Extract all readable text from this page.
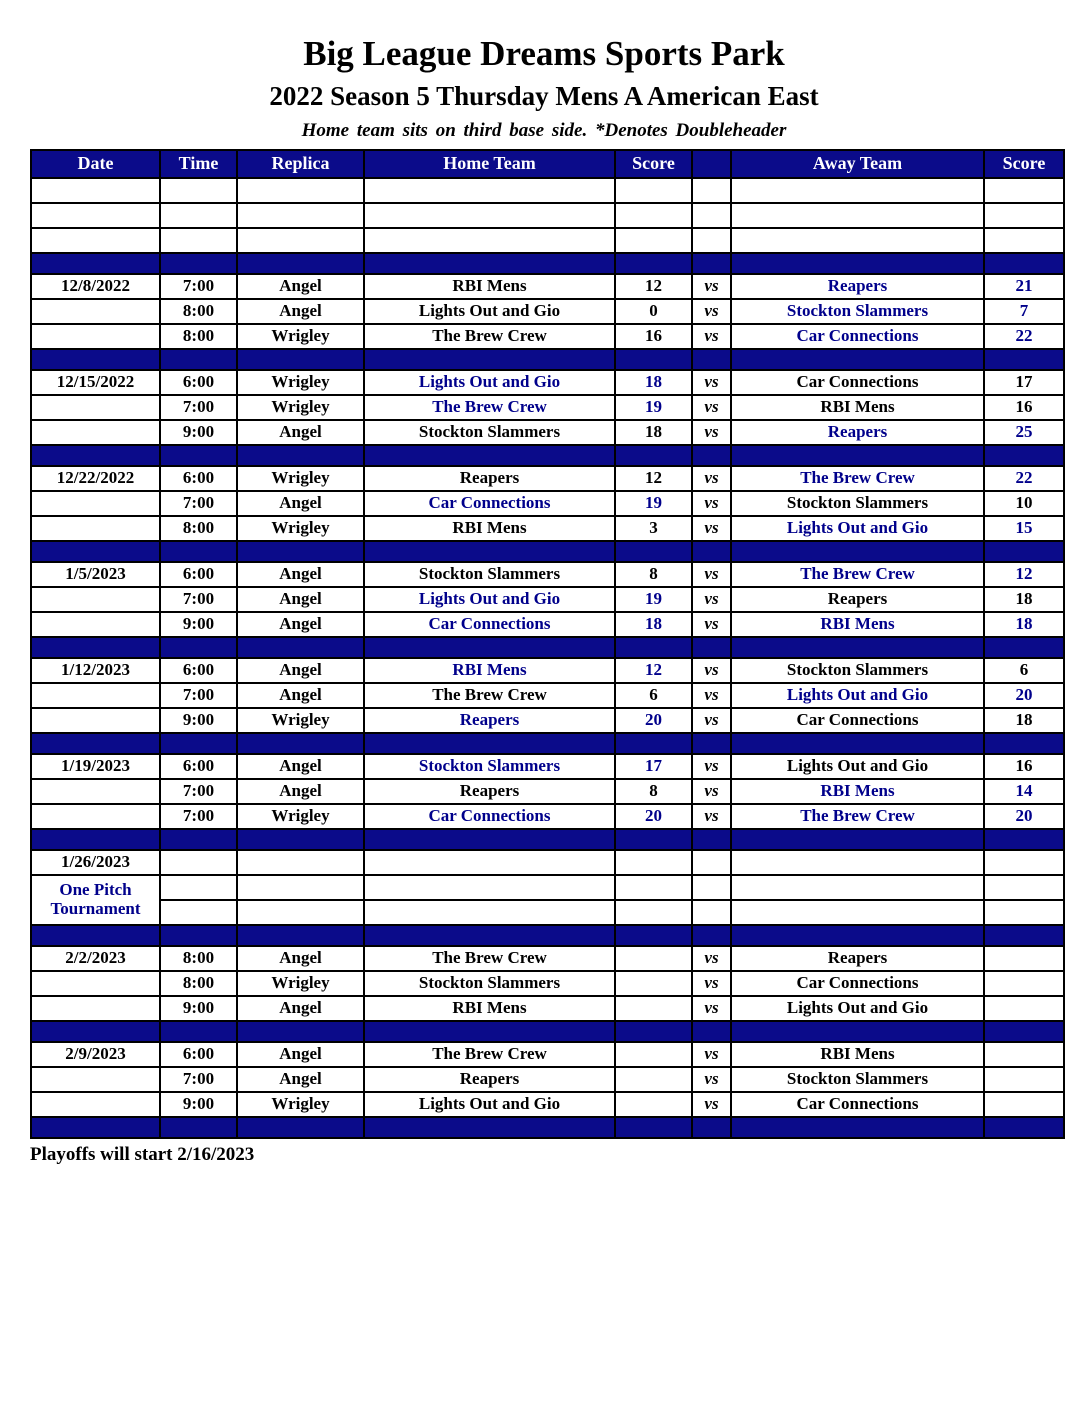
Big League Dreams Sports Park
2022 Season 5 Thursday Mens A American East
Home team sits on third base side. *Denotes Doubleheader
Date	Time	Replica	Home Team	Score		Away Team	Score

12/8/2022	7:00	Angel	RBI Mens	12	vs	Reapers	21
	8:00	Angel	Lights Out and Gio	0	vs	Stockton Slammers	7
	8:00	Wrigley	The Brew Crew	16	vs	Car Connections	22

12/15/2022	6:00	Wrigley	Lights Out and Gio	18	vs	Car Connections	17
	7:00	Wrigley	The Brew Crew	19	vs	RBI Mens	16
	9:00	Angel	Stockton Slammers	18	vs	Reapers	25

12/22/2022	6:00	Wrigley	Reapers	12	vs	The Brew Crew	22
	7:00	Angel	Car Connections	19	vs	Stockton Slammers	10
	8:00	Wrigley	RBI Mens	3	vs	Lights Out and Gio	15

1/5/2023	6:00	Angel	Stockton Slammers	8	vs	The Brew Crew	12
	7:00	Angel	Lights Out and Gio	19	vs	Reapers	18
	9:00	Angel	Car Connections	18	vs	RBI Mens	18

1/12/2023	6:00	Angel	RBI Mens	12	vs	Stockton Slammers	6
	7:00	Angel	The Brew Crew	6	vs	Lights Out and Gio	20
	9:00	Wrigley	Reapers	20	vs	Car Connections	18

1/19/2023	6:00	Angel	Stockton Slammers	17	vs	Lights Out and Gio	16
	7:00	Angel	Reapers	8	vs	RBI Mens	14
	7:00	Wrigley	Car Connections	20	vs	The Brew Crew	20

1/26/2023							

One Pitch
Tournament							

2/2/2023	8:00	Angel	The Brew Crew		vs	Reapers	
	8:00	Wrigley	Stockton Slammers		vs	Car Connections	
	9:00	Angel	RBI Mens		vs	Lights Out and Gio	

2/9/2023	6:00	Angel	The Brew Crew		vs	RBI Mens	
	7:00	Angel	Reapers		vs	Stockton Slammers	
	9:00	Wrigley	Lights Out and Gio		vs	Car Connections	

Playoffs will start 2/16/2023
